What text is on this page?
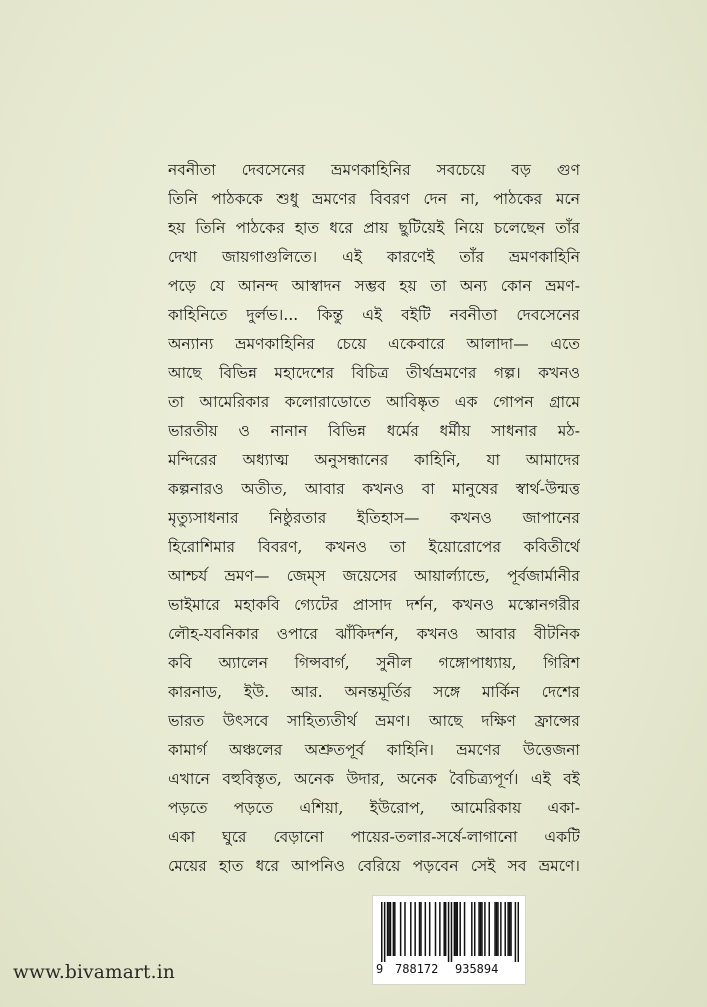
নবনীতা দেবসেনের ভ্রমণকাহিনির সবচেয়ে বড় গুণ
তিনি পাঠককে শুধু ভ্রমণের বিবরণ দেন না, পাঠকের মনে
হয় তিনি পাঠকের হাত ধরে প্রায় ছুটিয়েই নিয়ে চলেছেন তাঁর
দেখা জায়গাগুলিতে। এই কারণেই তাঁর ভ্রমণকাহিনি
পড়ে যে আনন্দ আস্বাদন সম্ভব হয় তা অন্য কোন ভ্রমণ-
কাহিনিতে দুর্লভ।... কিন্তু এই বইটি নবনীতা দেবসেনের
অন্যান্য ভ্রমণকাহিনির চেয়ে একেবারে আলাদা— এতে
আছে বিভিন্ন মহাদেশের বিচিত্র তীর্থভ্রমণের গল্প। কখনও
তা আমেরিকার কলোরাডোতে আবিষ্কৃত এক গোপন গ্রামে
ভারতীয় ও নানান বিভিন্ন ধর্মের ধর্মীয় সাধনার মঠ-
মন্দিরের অধ্যাত্ম অনুসন্ধানের কাহিনি, যা আমাদের
কল্পনারও অতীত, আবার কখনও বা মানুষের স্বার্থ-উন্মত্ত
মৃত্যুসাধনার নিষ্ঠুরতার ইতিহাস— কখনও জাপানের
হিরোশিমার বিবরণ, কখনও তা ইয়োরোপের কবিতীর্থে
আশ্চর্য ভ্রমণ— জেম্স জয়েসের আয়ার্ল্যান্ডে, পূর্বজার্মানীর
ভাইমারে মহাকবি গ্যেটের প্রাসাদ দর্শন, কখনও মস্কোনগরীর
লৌহ-যবনিকার ওপারে ঝাঁকিদর্শন, কখনও আবার বীটনিক
কবি অ্যালেন গিন্সবার্গ, সুনীল গঙ্গোপাধ্যায়, গিরিশ
কারনাড, ইউ. আর. অনন্তমূর্তির সঙ্গে মার্কিন দেশের
ভারত উৎসবে সাহিত্যতীর্থ ভ্রমণ। আছে দক্ষিণ ফ্রান্সের
কামার্গ অঞ্চলের অশ্রুতপূর্ব কাহিনি। ভ্রমণের উত্তেজনা
এখানে বহুবিস্তৃত, অনেক উদার, অনেক বৈচিত্র্যপূর্ণ। এই বই
পড়তে পড়তে এশিয়া, ইউরোপ, আমেরিকায় একা-
একা ঘুরে বেড়ানো পায়ের-তলার-সর্ষে-লাগানো একটি
মেয়ের হাত ধরে আপনিও বেরিয়ে পড়বেন সেই সব ভ্রমণে।
9 788172 935894
www.bivamart.in
